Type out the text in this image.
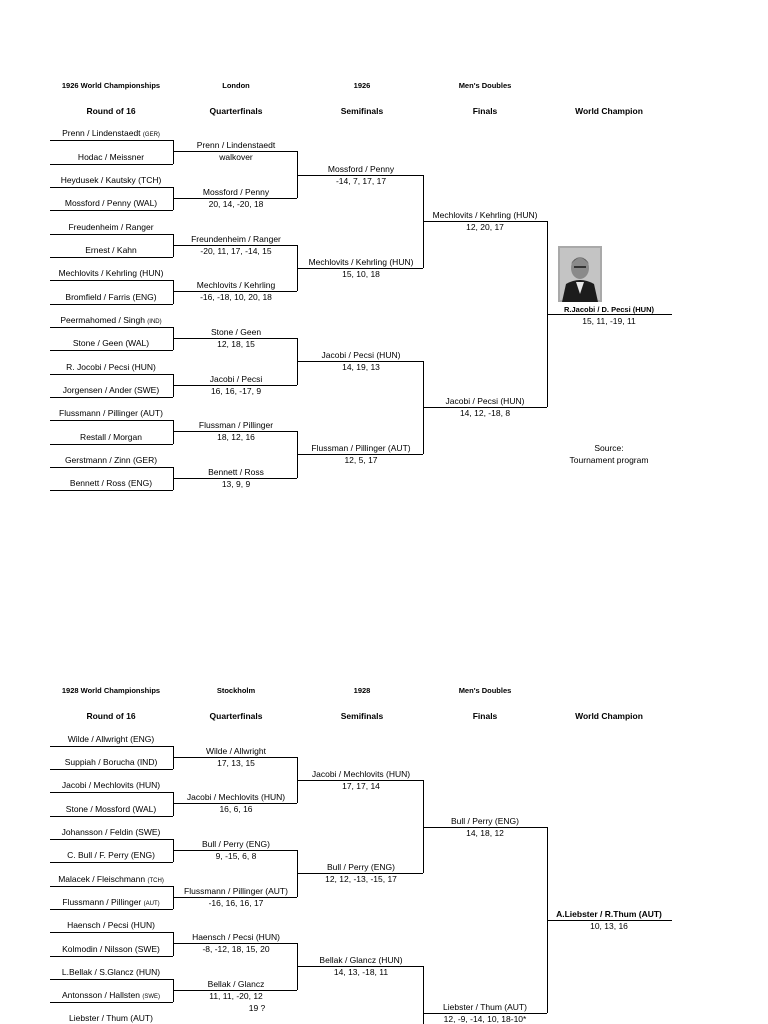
1926 World Championships	London	1926	Men's Doubles
Round of 16	Quarterfinals	Semifinals	Finals	World Champion
Prenn / Lindenstaedt (GER)
Hodac / Meissner
Heydusek / Kautsky (TCH)
Mossford / Penny (WAL)
Freudenheim / Ranger
Ernest / Kahn
Mechlovits / Kehrling (HUN)
Bromfield / Farris (ENG)
Peermahomed / Singh (IND)
Stone / Geen (WAL)
R. Jocobi / Pecsi (HUN)
Jorgensen / Ander (SWE)
Flussmann / Pillinger (AUT)
Restall / Morgan
Gerstmann / Zinn (GER)
Bennett / Ross (ENG)
Prenn / Lindenstaedt
walkover
Mossford / Penny
20, 14, -20, 18
Freundenheim / Ranger
-20, 11, 17, -14, 15
Mechlovits / Kehrling
-16, -18, 10, 20, 18
Stone / Geen
12, 18, 15
Jacobi / Pecsi
16, 16, -17, 9
Flussman / Pillinger
18, 12, 16
Bennett / Ross
13, 9, 9
Mossford / Penny
-14, 7, 17, 17
Mechlovits / Kehrling (HUN)
15, 10, 18
Jacobi / Pecsi (HUN)
14, 19, 13
Flussman / Pillinger (AUT)
12, 5, 17
Mechlovits / Kehrling (HUN)
12, 20, 17
Jacobi / Pecsi (HUN)
14, 12, -18, 8
R.Jacobi / D. Pecsi (HUN)
15, 11, -19, 11
Source:
Tournament program
1928 World Championships	Stockholm	1928	Men's Doubles
Round of 16	Quarterfinals	Semifinals	Finals	World Champion
Wilde / Allwright (ENG)
Suppiah / Borucha (IND)
Jacobi / Mechlovits (HUN)
Stone / Mossford (WAL)
Johansson / Feldin (SWE)
C. Bull / F. Perry (ENG)
Malacek / Fleischmann (TCH)
Flussmann / Pillinger (AUT)
Haensch / Pecsi (HUN)
Kolmodin / Nilsson (SWE)
L.Bellak / S.Glancz (HUN)
Antonsson / Hallsten (SWE)
Liebster / Thum (AUT)
Wilde / Allwright
17, 13, 15
Jacobi / Mechlovits (HUN)
16, 6, 16
Bull / Perry (ENG)
9, -15, 6, 8
Flussmann / Pillinger (AUT)
-16, 16, 16, 17
Haensch / Pecsi (HUN)
-8, -12, 18, 15, 20
Bellak / Glancz
11, 11, -20, 12
19 ?
Jacobi / Mechlovits (HUN)
17, 17, 14
Bull / Perry (ENG)
12, 12, -13, -15, 17
Bellak / Glancz (HUN)
14, 13, -18, 11
Bull / Perry (ENG)
14, 18, 12
Liebster / Thum (AUT)
12, -9, -14, 10, 18-10*
A.Liebster / R.Thum (AUT)
10, 13, 16
